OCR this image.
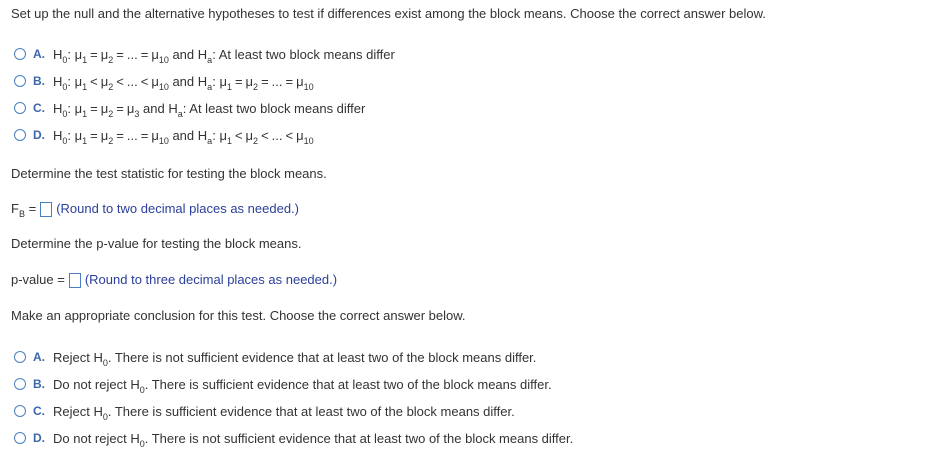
Set up the null and the alternative hypotheses to test if differences exist among the block means. Choose the correct answer below.
A. $H_0$: $\mu_1 = \mu_2$ = ... = $\mu_{10}$ and $H_a$: At least two block means differ
B. $H_0$: $\mu_1 < \mu_2$ < ... < $\mu_{10}$ and $H_a$: $\mu_1 = \mu_2$ = ... = $\mu_{10}$
C. $H_0$: $\mu_1 = \mu_2 = \mu_3$ and $H_a$: At least two block means differ
D. $H_0$: $\mu_1 = \mu_2$ = ... = $\mu_{10}$ and $H_a$: $\mu_1 < \mu_2$ < ... < $\mu_{10}$
Determine the test statistic for testing the block means.
$F_B$ = (Round to two decimal places as needed.)
Determine the p-value for testing the block means.
p-value = (Round to three decimal places as needed.)
Make an appropriate conclusion for this test. Choose the correct answer below.
A. Reject $H_0$. There is not sufficient evidence that at least two of the block means differ.
B. Do not reject $H_0$. There is sufficient evidence that at least two of the block means differ.
C. Reject $H_0$. There is sufficient evidence that at least two of the block means differ.
D. Do not reject $H_0$. There is not sufficient evidence that at least two of the block means differ.
